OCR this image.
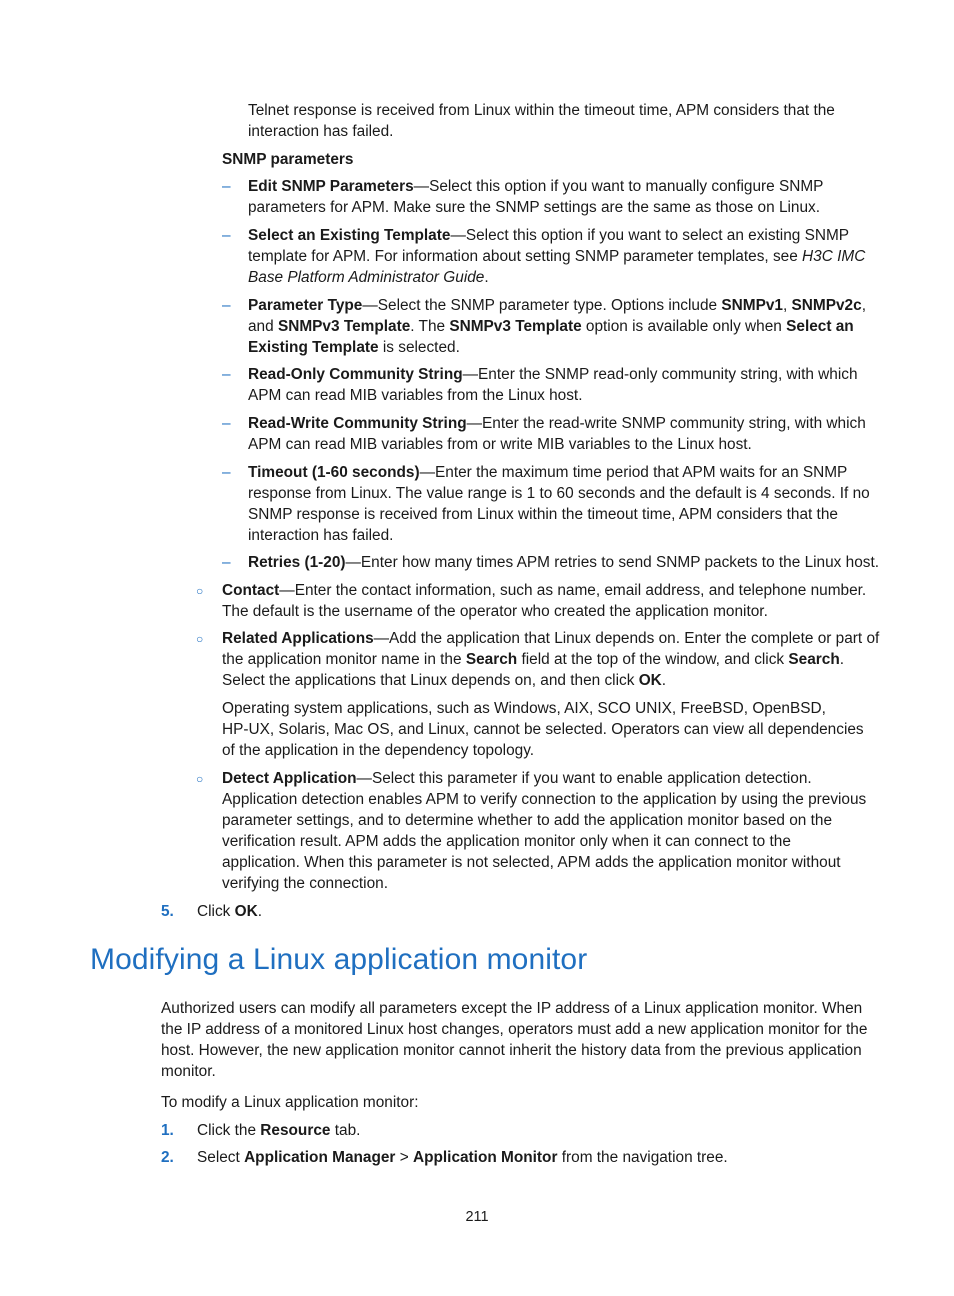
Telnet response is received from Linux within the timeout time, APM considers that the
interaction has failed.

SNMP parameters

– Edit SNMP Parameters—Select this option if you want to manually configure SNMP
parameters for APM. Make sure the SNMP settings are the same as those on Linux.

– Select an Existing Template—Select this option if you want to select an existing SNMP
template for APM. For information about setting SNMP parameter templates, see H3C IMC
Base Platform Administrator Guide.

– Parameter Type—Select the SNMP parameter type. Options include SNMPv1, SNMPv2c,
and SNMPv3 Template. The SNMPv3 Template option is available only when Select an
Existing Template is selected.

– Read-Only Community String—Enter the SNMP read-only community string, with which
APM can read MIB variables from the Linux host.

– Read-Write Community String—Enter the read-write SNMP community string, with which
APM can read MIB variables from or write MIB variables to the Linux host.

– Timeout (1-60 seconds)—Enter the maximum time period that APM waits for an SNMP
response from Linux. The value range is 1 to 60 seconds and the default is 4 seconds. If no
SNMP response is received from Linux within the timeout time, APM considers that the
interaction has failed.

– Retries (1-20)—Enter how many times APM retries to send SNMP packets to the Linux host.

○ Contact—Enter the contact information, such as name, email address, and telephone number.
The default is the username of the operator who created the application monitor.

○ Related Applications—Add the application that Linux depends on. Enter the complete or part of
the application monitor name in the Search field at the top of the window, and click Search.
Select the applications that Linux depends on, and then click OK.

Operating system applications, such as Windows, AIX, SCO UNIX, FreeBSD, OpenBSD,
HP-UX, Solaris, Mac OS, and Linux, cannot be selected. Operators can view all dependencies
of the application in the dependency topology.

○ Detect Application—Select this parameter if you want to enable application detection.
Application detection enables APM to verify connection to the application by using the previous
parameter settings, and to determine whether to add the application monitor based on the
verification result. APM adds the application monitor only when it can connect to the
application. When this parameter is not selected, APM adds the application monitor without
verifying the connection.

5. Click OK.

Modifying a Linux application monitor

Authorized users can modify all parameters except the IP address of a Linux application monitor. When
the IP address of a monitored Linux host changes, operators must add a new application monitor for the
host. However, the new application monitor cannot inherit the history data from the previous application
monitor.

To modify a Linux application monitor:

1. Click the Resource tab.

2. Select Application Manager > Application Monitor from the navigation tree.

211
